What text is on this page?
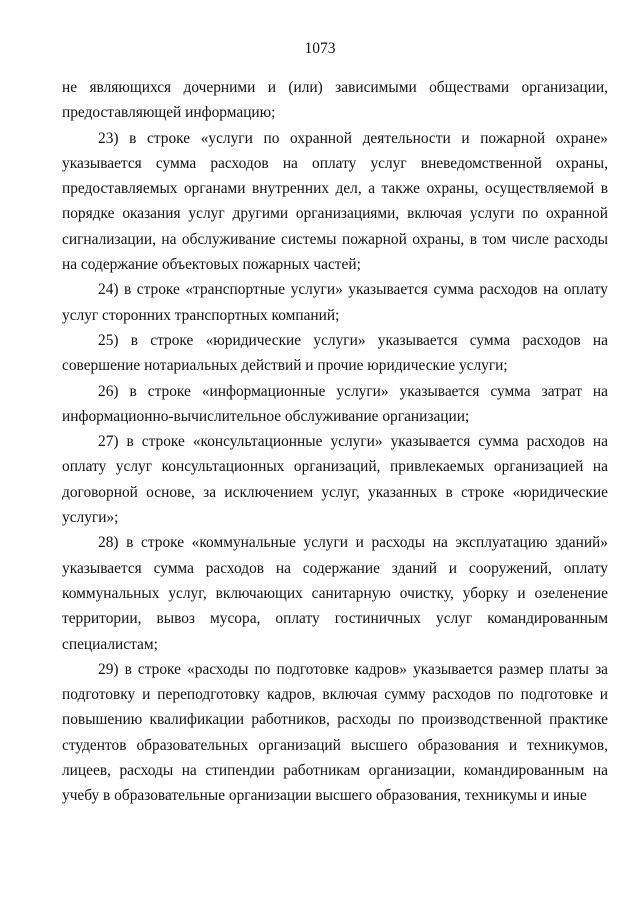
1073

не являющихся дочерними и (или) зависимыми обществами организации, предоставляющей информацию;

23) в строке «услуги по охранной деятельности и пожарной охране» указывается сумма расходов на оплату услуг вневедомственной охраны, предоставляемых органами внутренних дел, а также охраны, осуществляемой в порядке оказания услуг другими организациями, включая услуги по охранной сигнализации, на обслуживание системы пожарной охраны, в том числе расходы на содержание объектовых пожарных частей;

24) в строке «транспортные услуги» указывается сумма расходов на оплату услуг сторонних транспортных компаний;

25) в строке «юридические услуги» указывается сумма расходов на совершение нотариальных действий и прочие юридические услуги;

26) в строке «информационные услуги» указывается сумма затрат на информационно-вычислительное обслуживание организации;

27) в строке «консультационные услуги» указывается сумма расходов на оплату услуг консультационных организаций, привлекаемых организацией на договорной основе, за исключением услуг, указанных в строке «юридические услуги»;

28) в строке «коммунальные услуги и расходы на эксплуатацию зданий» указывается сумма расходов на содержание зданий и сооружений, оплату коммунальных услуг, включающих санитарную очистку, уборку и озеленение территории, вывоз мусора, оплату гостиничных услуг командированным специалистам;

29) в строке «расходы по подготовке кадров» указывается размер платы за подготовку и переподготовку кадров, включая сумму расходов по подготовке и повышению квалификации работников, расходы по производственной практике студентов образовательных организаций высшего образования и техникумов, лицеев, расходы на стипендии работникам организации, командированным на учебу в образовательные организации высшего образования, техникумы и иные
